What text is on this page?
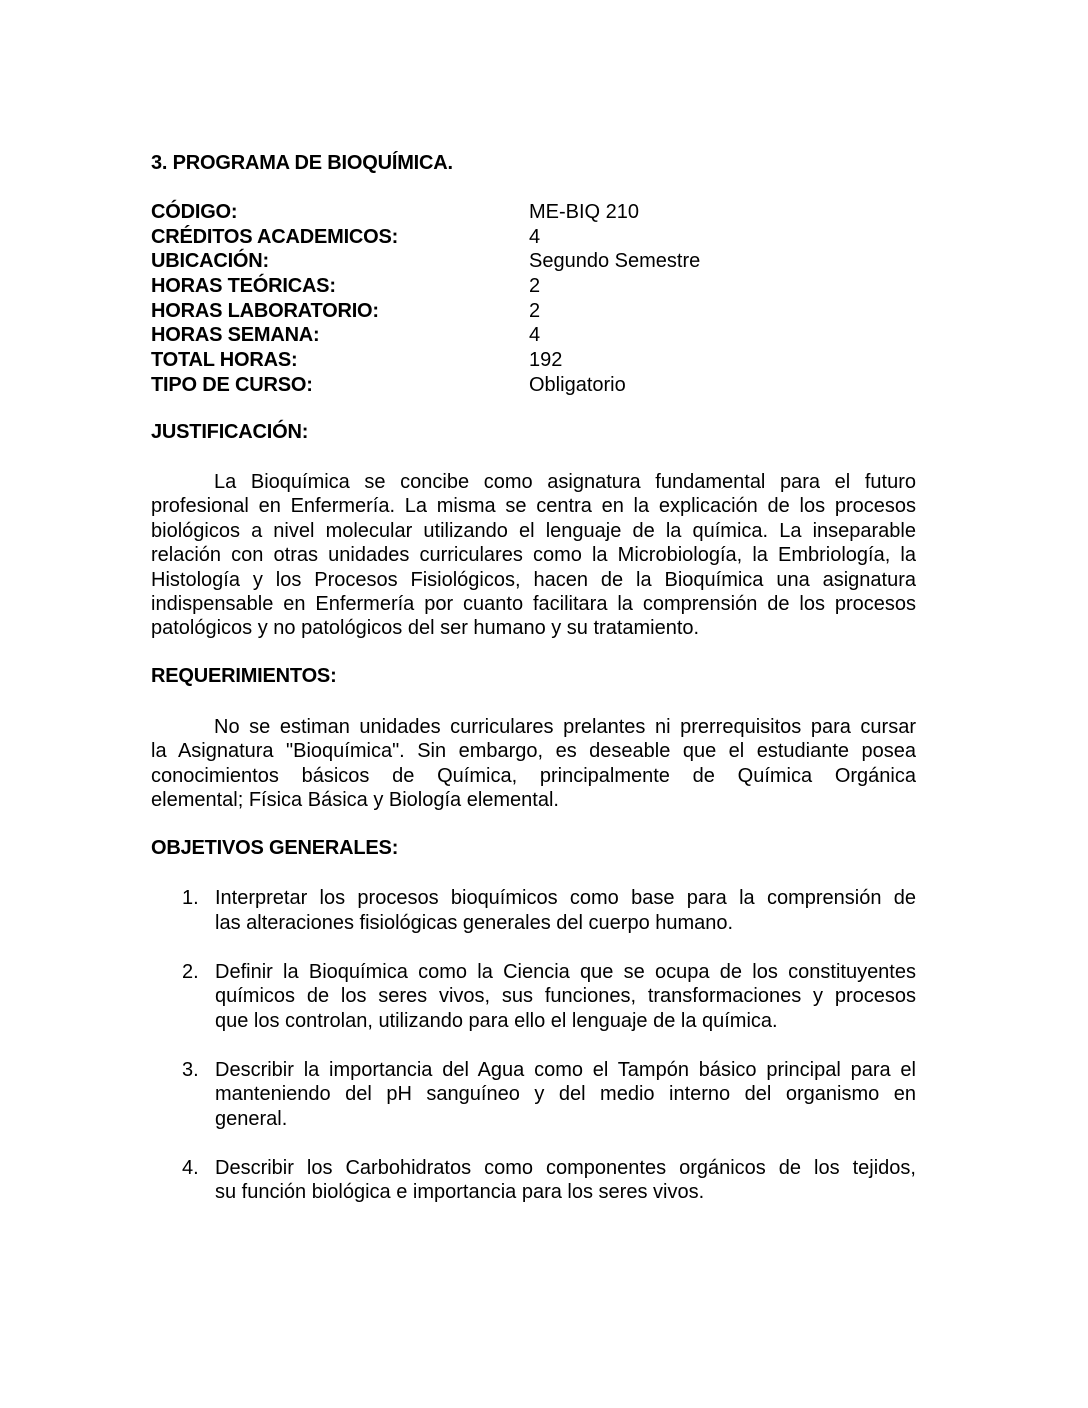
3. PROGRAMA DE BIOQUÍMICA.
CÓDIGO:	ME-BIQ 210
CRÉDITOS ACADEMICOS:	4
UBICACIÓN:	Segundo Semestre
HORAS TEÓRICAS:	2
HORAS LABORATORIO:	2
HORAS SEMANA:	4
TOTAL HORAS:	192
TIPO DE CURSO:	Obligatorio
JUSTIFICACIÓN:
La Bioquímica se concibe como asignatura fundamental para el futuro
profesional en Enfermería. La misma se centra en la explicación de los procesos
biológicos a nivel molecular utilizando el lenguaje de la química. La inseparable
relación con otras unidades curriculares como la Microbiología, la Embriología, la
Histología y los Procesos Fisiológicos, hacen de la Bioquímica una asignatura
indispensable en Enfermería por cuanto facilitara la comprensión de los procesos
patológicos y no patológicos del ser humano y su tratamiento.
REQUERIMIENTOS:
No se estiman unidades curriculares prelantes ni prerrequisitos para cursar
la Asignatura "Bioquímica". Sin embargo, es deseable que el estudiante posea
conocimientos básicos de Química, principalmente de Química Orgánica
elemental; Física Básica y Biología elemental.
OBJETIVOS GENERALES:
1. Interpretar los procesos bioquímicos como base para la comprensión de
las alteraciones fisiológicas generales del cuerpo humano.
2. Definir la Bioquímica como la Ciencia que se ocupa de los constituyentes
químicos de los seres vivos, sus funciones, transformaciones y procesos
que los controlan, utilizando para ello el lenguaje de la química.
3. Describir la importancia del Agua como el Tampón básico principal para el
manteniendo del pH sanguíneo y del medio interno del organismo en
general.
4. Describir los Carbohidratos como componentes orgánicos de los tejidos,
su función biológica e importancia para los seres vivos.
